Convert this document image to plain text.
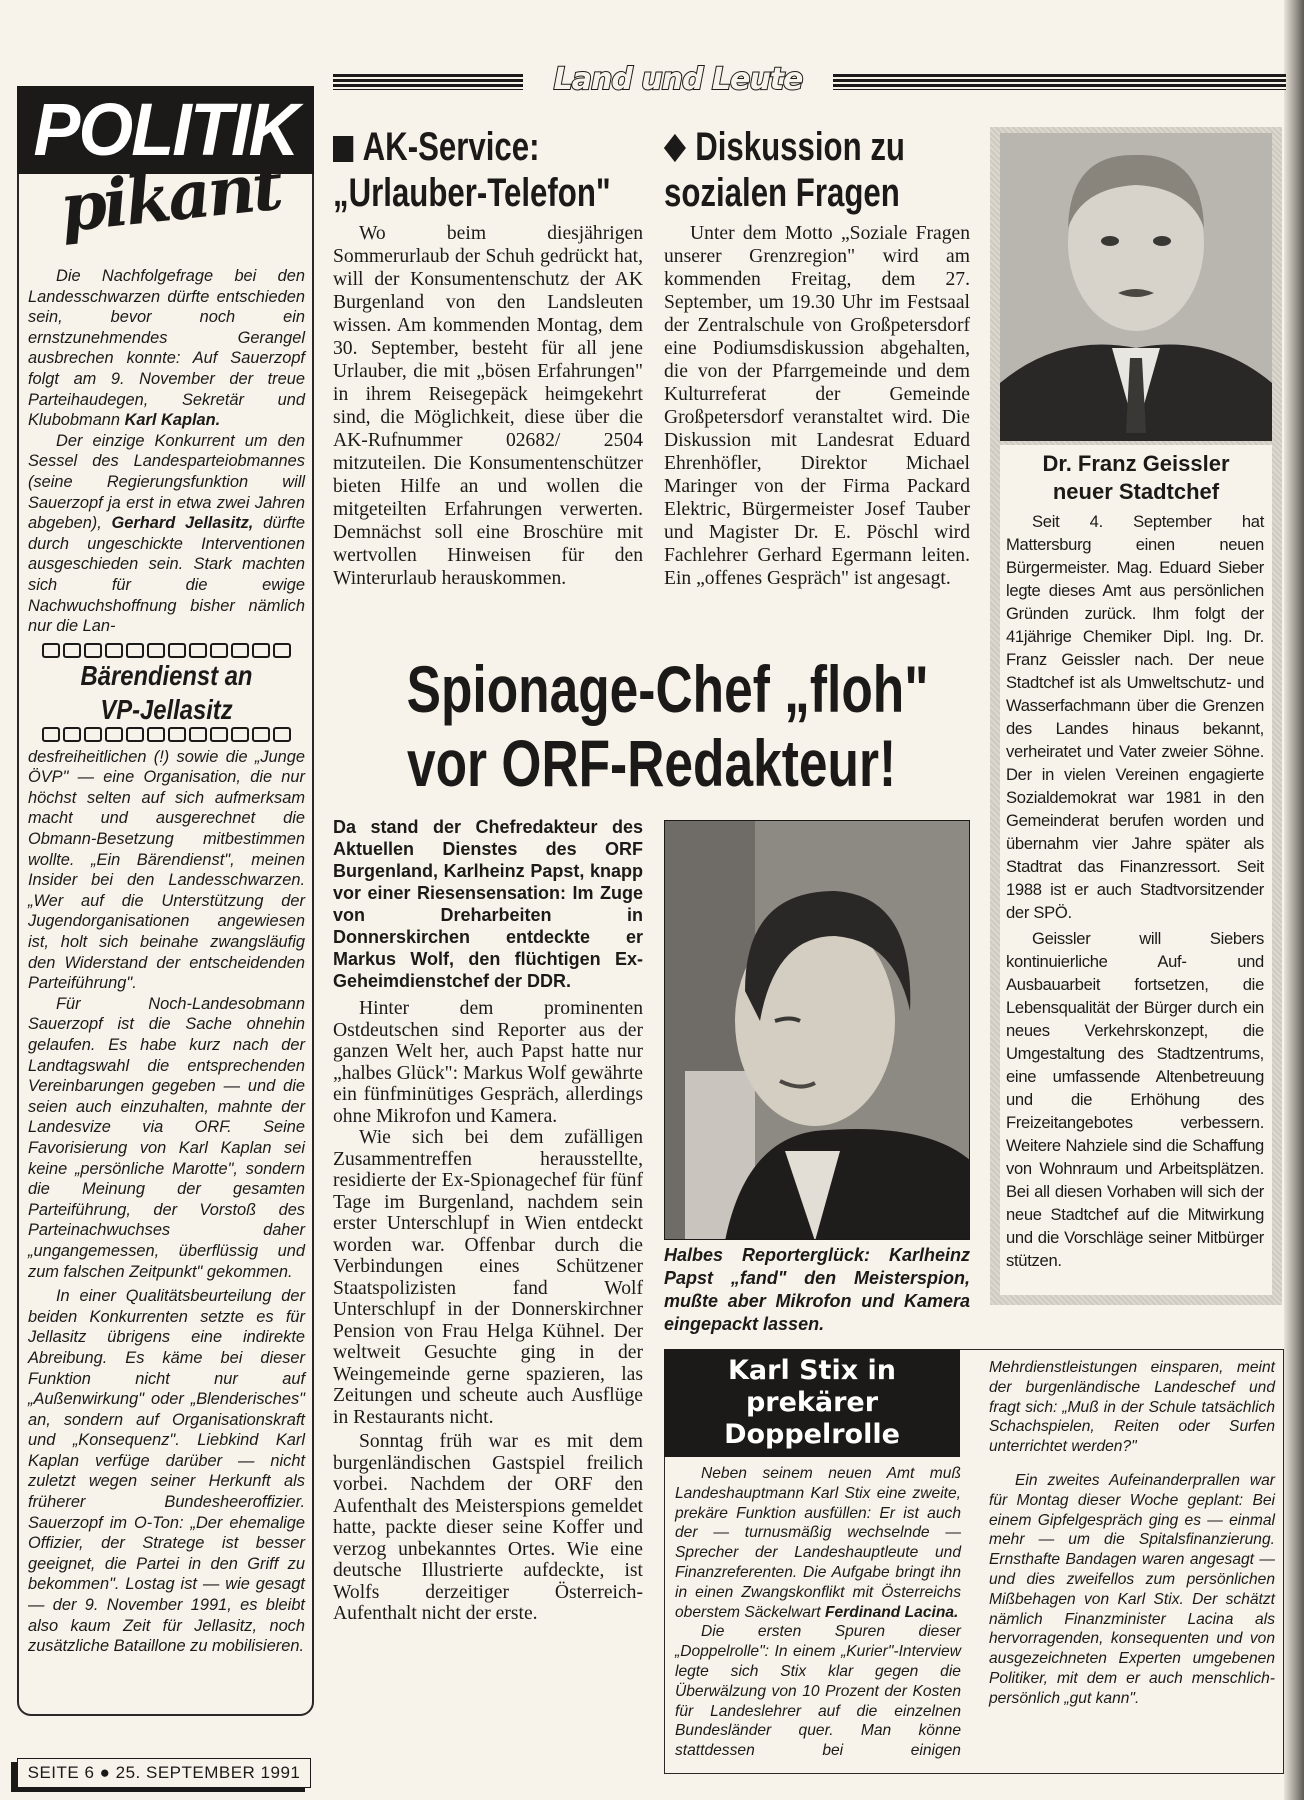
Land und Leute
POLITIK
pikant

Die Nachfolgefrage bei den Landesschwarzen dürfte entschieden sein, bevor noch ein ernstzunehmendes Gerangel ausbrechen konnte: Auf Sauerzopf folgt am 9. November der treue Parteihaudegen, Sekretär und Klubobmann Karl Kaplan.

Der einzige Konkurrent um den Sessel des Landesparteiobmannes (seine Regierungsfunktion will Sauerzopf ja erst in etwa zwei Jahren abgeben), Gerhard Jellasitz, dürfte durch ungeschickte Interventionen ausgeschieden sein. Stark machten sich für die ewige Nachwuchshoffnung bisher nämlich nur die Lan-

Bärendienst an
VP-Jellasitz

desfreiheitlichen (!) sowie die „Junge ÖVP" — eine Organisation, die nur höchst selten auf sich aufmerksam macht und ausgerechnet die Obmann-Besetzung mitbestimmen wollte. „Ein Bärendienst", meinen Insider bei den Landesschwarzen. „Wer auf die Unterstützung der Jugendorganisationen angewiesen ist, holt sich beinahe zwangsläufig den Widerstand der entscheidenden Parteiführung".

Für Noch-Landesobmann Sauerzopf ist die Sache ohnehin gelaufen. Es habe kurz nach der Landtagswahl die entsprechenden Vereinbarungen gegeben — und die seien auch einzuhalten, mahnte der Landesvize via ORF. Seine Favorisierung von Karl Kaplan sei keine „persönliche Marotte", sondern die Meinung der gesamten Parteiführung, der Vorstoß des Parteinachwuchses daher „ungangemessen, überflüssig und zum falschen Zeitpunkt" gekommen.

In einer Qualitätsbeurteilung der beiden Konkurrenten setzte es für Jellasitz übrigens eine indirekte Abreibung. Es käme bei dieser Funktion nicht nur auf „Außenwirkung" oder „Blenderisches" an, sondern auf Organisationskraft und „Konsequenz". Liebkind Karl Kaplan verfüge darüber — nicht zuletzt wegen seiner Herkunft als früherer Bundesheeroffizier. Sauerzopf im O-Ton: „Der ehemalige Offizier, der Stratege ist besser geeignet, die Partei in den Griff zu bekommen". Lostag ist — wie gesagt — der 9. November 1991, es bleibt also kaum Zeit für Jellasitz, noch zusätzliche Bataillone zu mobilisieren.

SEITE 6 ● 25. SEPTEMBER 1991
AK-Service:
„Urlauber-Telefon"

Wo beim diesjährigen Sommerurlaub der Schuh gedrückt hat, will der Konsumentenschutz der AK Burgenland von den Landsleuten wissen. Am kommenden Montag, dem 30. September, besteht für all jene Urlauber, die mit „bösen Erfahrungen" in ihrem Reisegepäck heimgekehrt sind, die Möglichkeit, diese über die AK-Rufnummer 02682/ 2504 mitzuteilen. Die Konsumentenschützer bieten Hilfe an und wollen die mitgeteilten Erfahrungen verwerten. Demnächst soll eine Broschüre mit wertvollen Hinweisen für den Winterurlaub herauskommen.

Diskussion zu
sozialen Fragen

Unter dem Motto „Soziale Fragen unserer Grenzregion" wird am kommenden Freitag, dem 27. September, um 19.30 Uhr im Festsaal der Zentralschule von Großpetersdorf eine Podiumsdiskussion abgehalten, die von der Pfarrgemeinde und dem Kulturreferat der Gemeinde Großpetersdorf veranstaltet wird. Die Diskussion mit Landesrat Eduard Ehrenhöfler, Direktor Michael Maringer von der Firma Packard Elektric, Bürgermeister Josef Tauber und Magister Dr. E. Pöschl wird Fachlehrer Gerhard Egermann leiten. Ein „offenes Gespräch" ist angesagt.

Dr. Franz Geissler
neuer Stadtchef

Seit 4. September hat Mattersburg einen neuen Bürgermeister. Mag. Eduard Sieber legte dieses Amt aus persönlichen Gründen zurück. Ihm folgt der 41jährige Chemiker Dipl. Ing. Dr. Franz Geissler nach. Der neue Stadtchef ist als Umweltschutz- und Wasserfachmann über die Grenzen des Landes hinaus bekannt, verheiratet und Vater zweier Söhne. Der in vielen Vereinen engagierte Sozialdemokrat war 1981 in den Gemeinderat berufen worden und übernahm vier Jahre später als Stadtrat das Finanzressort. Seit 1988 ist er auch Stadtvorsitzender der SPÖ.

Geissler will Siebers kontinuierliche Auf- und Ausbauarbeit fortsetzen, die Lebensqualität der Bürger durch ein neues Verkehrskonzept, die Umgestaltung des Stadtzentrums, eine umfassende Altenbetreuung und die Erhöhung des Freizeitangebotes verbessern. Weitere Nahziele sind die Schaffung von Wohnraum und Arbeitsplätzen. Bei all diesen Vorhaben will sich der neue Stadtchef auf die Mitwirkung und die Vorschläge seiner Mitbürger stützen.

Spionage-Chef „floh"
vor ORF-Redakteur!
Da stand der Chefredakteur des Aktuellen Dienstes des ORF Burgenland, Karlheinz Papst, knapp vor einer Riesensensation: Im Zuge von Dreharbeiten in Donnerskirchen entdeckte er Markus Wolf, den flüchtigen Ex-Geheimdienstchef der DDR.

Hinter dem prominenten Ostdeutschen sind Reporter aus der ganzen Welt her, auch Papst hatte nur „halbes Glück": Markus Wolf gewährte ein fünfminütiges Gespräch, allerdings ohne Mikrofon und Kamera.

Wie sich bei dem zufälligen Zusammentreffen herausstellte, residierte der Ex-Spionagechef für fünf Tage im Burgenland, nachdem sein erster Unterschlupf in Wien entdeckt worden war. Offenbar durch die Verbindungen eines Schützener Staatspolizisten fand Wolf Unterschlupf in der Donnerskirchner Pension von Frau Helga Kühnel. Der weltweit Gesuchte ging in der Weingemeinde gerne spazieren, las Zeitungen und scheute auch Ausflüge in Restaurants nicht.

Sonntag früh war es mit dem burgenländischen Gastspiel freilich vorbei. Nachdem der ORF den Aufenthalt des Meisterspions gemeldet hatte, packte dieser seine Koffer und verzog unbekanntes Ortes. Wie eine deutsche Illustrierte aufdeckte, ist Wolfs derzeitiger Österreich-Aufenthalt nicht der erste.

Halbes Reporterglück: Karlheinz Papst „fand" den Meisterspion, mußte aber Mikrofon und Kamera eingepackt lassen.

Neben seinem neuen Amt muß Landeshauptmann Karl Stix eine zweite, prekäre Funktion ausfüllen: Er ist auch der — turnusmäßig wechselnde — Sprecher der Landeshauptleute und Finanzreferenten. Die Aufgabe bringt ihn in einen Zwangskonflikt mit Österreichs oberstem Säckelwart Ferdinand Lacina.

Die ersten Spuren dieser „Doppelrolle": In einem „Kurier"-Interview legte sich Stix klar gegen die Überwälzung von 10 Prozent der Kosten für Landeslehrer auf die einzelnen Bundesländer quer. Man könne stattdessen bei einigen Mehrdienstleistungen einsparen, meint der burgenländische Landeschef und fragt sich: „Muß in der Schule tatsächlich Schachspielen, Reiten oder Surfen unterrichtet werden?"

Ein zweites Aufeinanderprallen war für Montag dieser Woche geplant: Bei einem Gipfelgespräch ging es — einmal mehr — um die Spitalsfinanzierung. Ernsthafte Bandagen waren angesagt — und dies zweifellos zum persönlichen Mißbehagen von Karl Stix. Der schätzt nämlich Finanzminister Lacina als hervorragenden, konsequenten und von ausgezeichneten Experten umgebenen Politiker, mit dem er auch menschlich-persönlich „gut kann".

Karl Stix in
prekärer
Doppelrolle
